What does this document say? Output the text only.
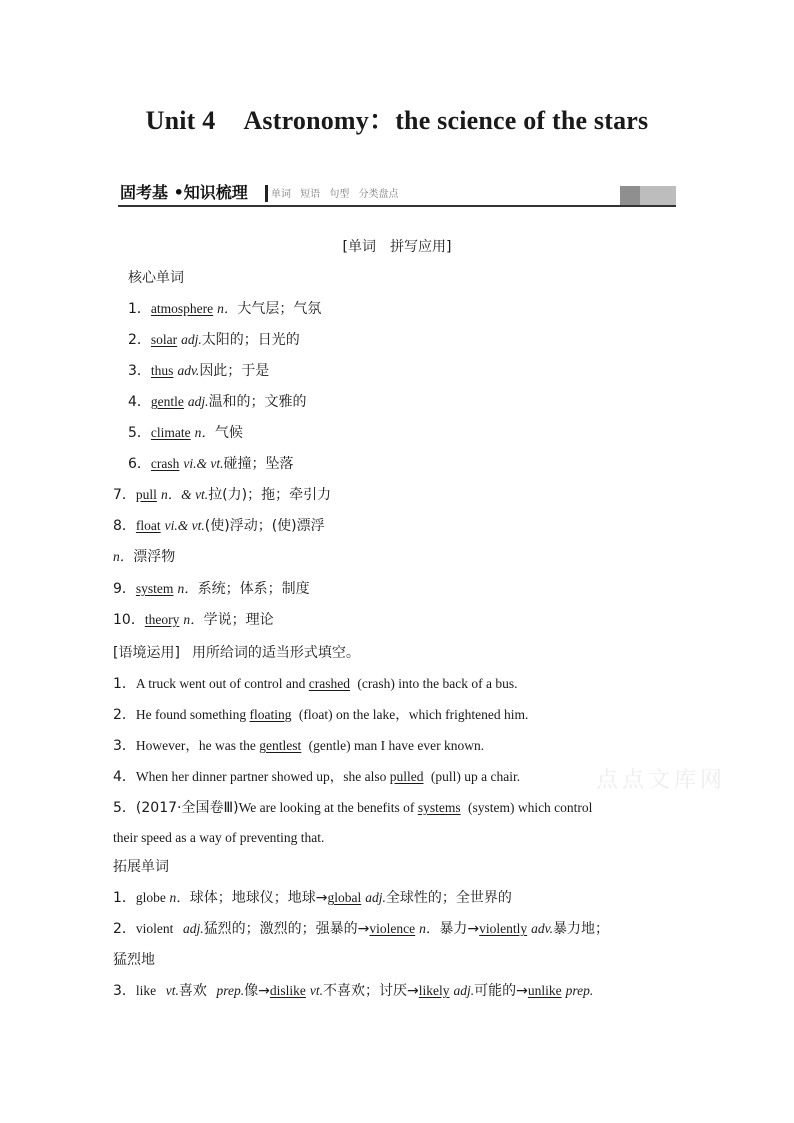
Unit 4 Astronomy：the science of the stars
固考基 •知识梳理 单词 短语 句型 分类盘点
[单词　拼写应用]
核心单词
1．atmosphere n．大气层；气氛
2．solar adj.太阳的；日光的
3．thus adv.因此；于是
4．gentle adj.温和的；文雅的
5．climate n．气候
6．crash vi.& vt.碰撞；坠落
7．pull n．& vt.拉(力)；拖；牵引力
8．float vi.& vt.(使)浮动；(使)漂浮
n．漂浮物
9．system n．系统；体系；制度
10．theory n．学说；理论
[语境运用] 用所给词的适当形式填空。
1．A truck went out of control and crashed (crash) into the back of a bus.
2．He found something floating (float) on the lake，which frightened him.
3．However，he was the gentlest (gentle) man I have ever known.
4．When her dinner partner showed up，she also pulled (pull) up a chair.
5．(2017·全国卷Ⅲ)We are looking at the benefits of systems (system) which control
their speed as a way of preventing that.
点点文库网
拓展单词
1．globe n．球体；地球仪；地球→global adj.全球性的；全世界的
2．violent adj.猛烈的；激烈的；强暴的→violence n．暴力→violently adv.暴力地；
猛烈地
3．like vt.喜欢 prep.像→dislike vt.不喜欢；讨厌→likely adj.可能的→unlike prep.
